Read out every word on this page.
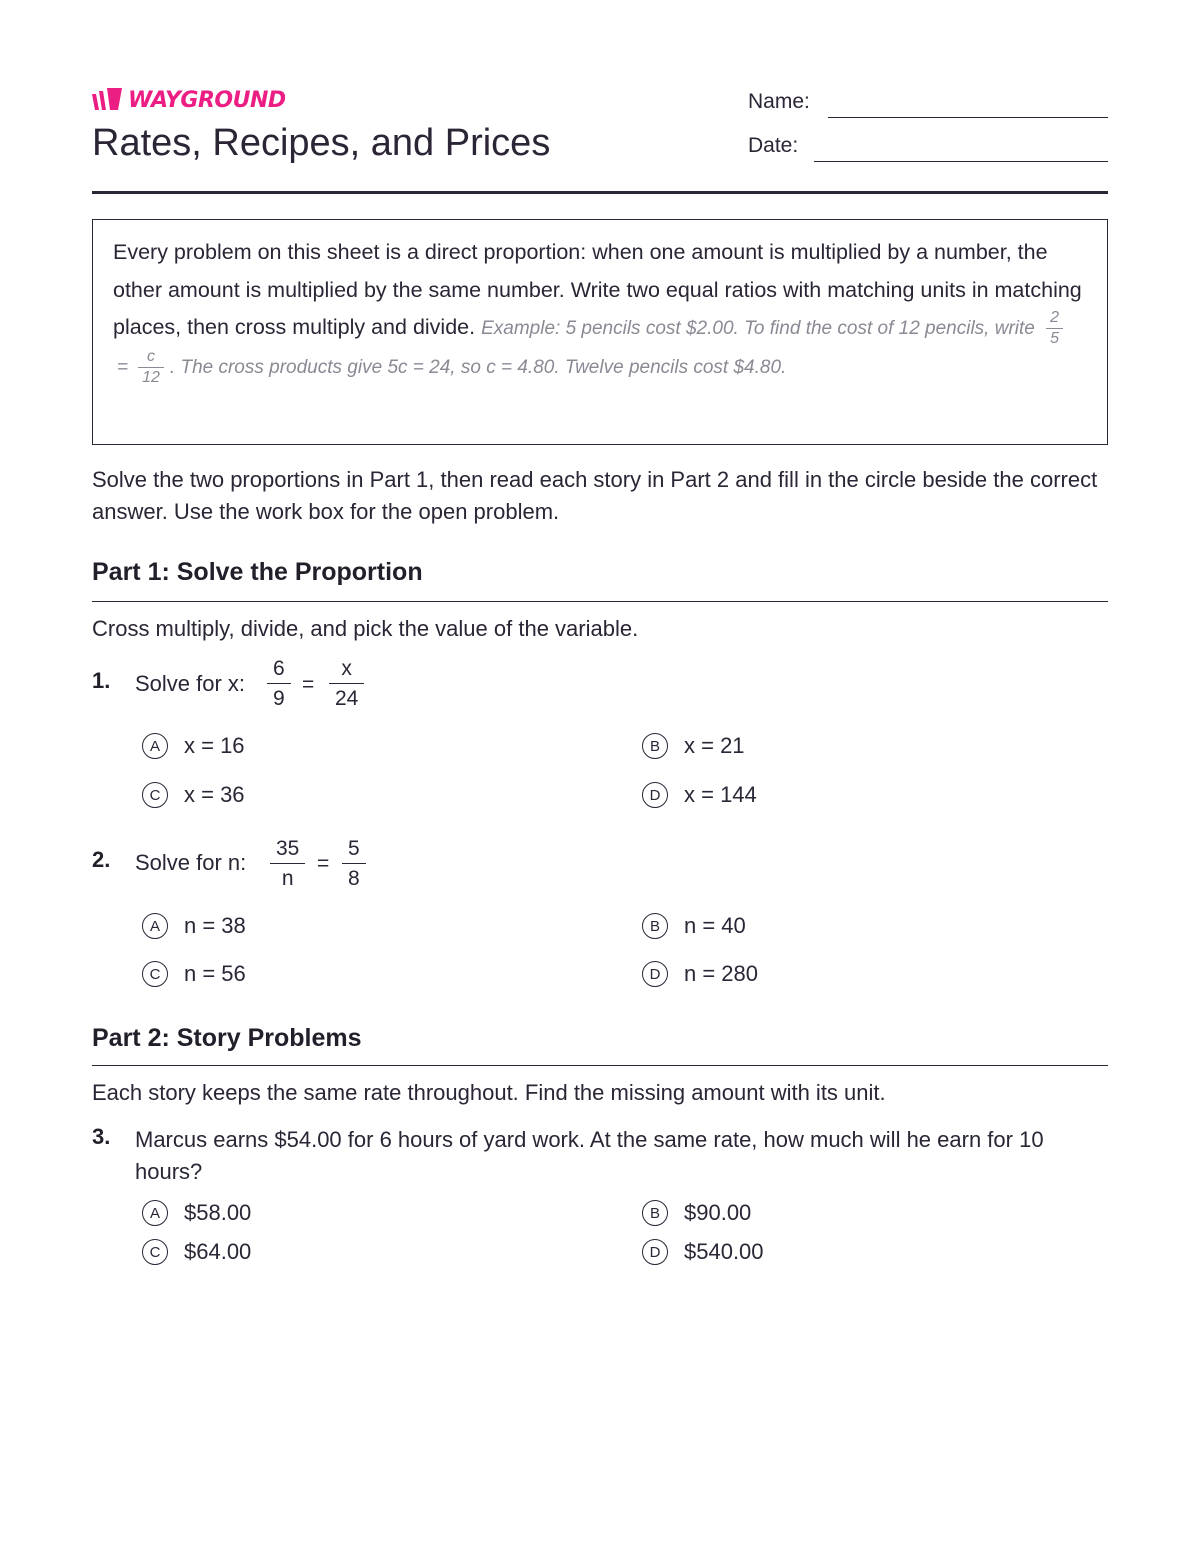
WAYGROUND
Rates, Recipes, and Prices
Name:
Date:
Every problem on this sheet is a direct proportion: when one amount is multiplied by a number, the other amount is multiplied by the same number. Write two equal ratios with matching units in matching places, then cross multiply and divide. Example: 5 pencils cost $2.00. To find the cost of 12 pencils, write $\frac{2}{5}$
= $\frac{c}{12}$ . The cross products give 5c = 24, so c = 4.80. Twelve pencils cost $4.80.
Solve the two proportions in Part 1, then read each story in Part 2 and fill in the circle beside the correct answer. Use the work box for the open problem.
Part 1: Solve the Proportion
Cross multiply, divide, and pick the value of the variable.
1. Solve for x: $\frac{6}{9} = \frac{x}{24}$
A	x = 16	B	x = 21
C	x = 36	D	x = 144
2. Solve for n: $\frac{35}{n} = \frac{5}{8}$
A	n = 38	B	n = 40
C	n = 56	D	n = 280
Part 2: Story Problems
Each story keeps the same rate throughout. Find the missing amount with its unit.
3. Marcus earns $54.00 for 6 hours of yard work. At the same rate, how much will he earn for 10 hours?
A	$58.00	B	$90.00
C	$64.00	D	$540.00
